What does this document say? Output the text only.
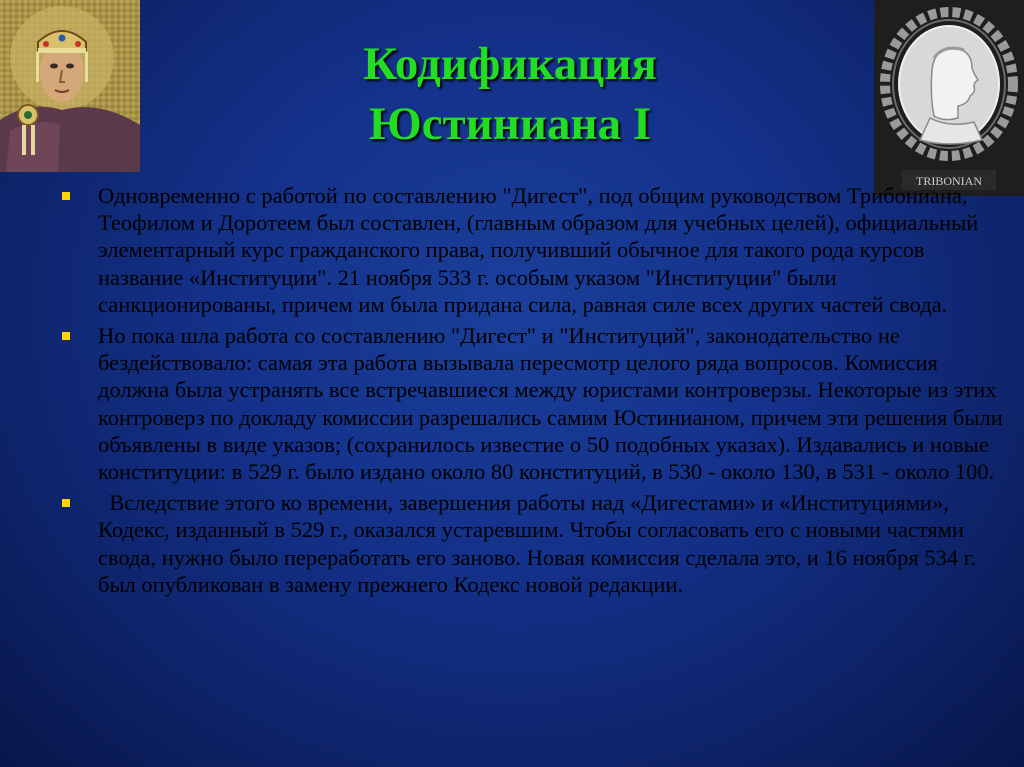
TRIBONIAN
Кодификация
Юстиниана I
Одновременно с работой по составлению "Дигест", под общим руководством Трибониана, Теофилом и Доротеем был составлен, (главным образом для учебных целей), официальный элементарный курс гражданского права, получивший обычное для такого рода курсов название «Институции". 21 ноября 533 г. особым указом "Институции" были санкционированы, причем им была придана сила, равная силе всех других частей свода.
Но пока шла работа со составлению "Дигест" и "Институций", законодательство не бездействовало: самая эта работа вызывала пересмотр целого ряда вопросов. Комиссия должна была устранять все встречавшиеся между юристами контроверзы. Некоторые из этих контроверз по докладу комиссии разрешались самим Юстинианом, причем эти решения были объявлены в виде указов; (сохранилось известие о 50 подобных указах). Издавались и новые конституции: в 529 г. было издано около 80 конституций, в 530 - около 130, в 531 - около 100.
Вследствие этого ко времени, завершения работы над «Дигестами» и «Институциями», Кодекс, изданный в 529 г., оказался устаревшим. Чтобы согласовать его с новыми частями свода, нужно было переработать его заново. Новая комиссия сделала это, и 16 ноября 534 г. был опубликован в замену прежнего Кодекс новой редакции.
